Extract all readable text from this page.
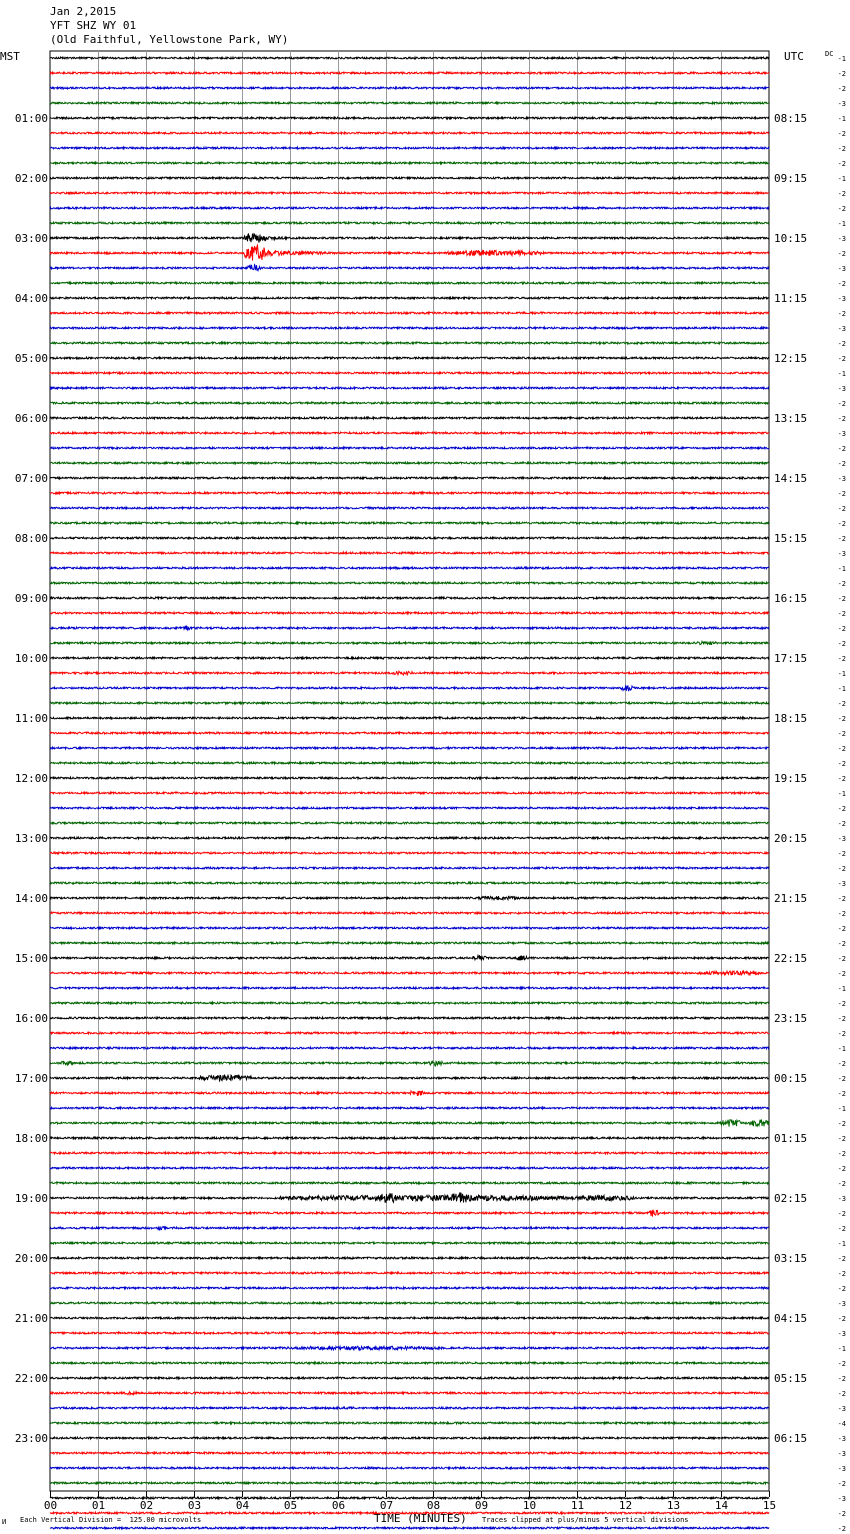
Jan 2,2015
YFT SHZ WY 01
(Old Faithful, Yellowstone Park, WY)
MST	UTC	DC
00	01	02	03	04	05	06	07	08	09	10	11	12	13	14	15
-1
-2
-2
-3
-1
-2
-2
-2
-1
-2
-2
-1
-3
-2
-3
-2
-3
-2
-3
-2
-2
-1
-3
-2
-2
-3
-2
-2
-3
-2
-2
-2
-2
-3
-1
-2
-2
-2
-2
-2
-2
-1
-1
-2
-2
-2
-2
-2
-2
-1
-2
-2
-3
-2
-2
-3
-2
-2
-2
-2
-2
-2
-1
-2
-2
-2
-1
-2
-2
-2
-1
-2
-2
-2
-2
-2
-3
-2
-2
-1
-2
-2
-2
-3
-2
-3
-1
-2
-2
-2
-3
-4
-3
-3
-3
-2
-3
-2
-2
01:00
02:00
03:00
04:00
05:00
06:00
07:00
08:00
09:00
10:00
11:00
12:00
13:00
14:00
15:00
16:00
17:00
18:00
19:00
20:00
21:00
22:00
23:00
08:15
09:15
10:15
11:15
12:15
13:15
14:15
15:15
16:15
17:15
18:15
19:15
20:15
21:15
22:15
23:15
00:15
01:15
02:15
03:15
04:15
05:15
06:15
И Each Vertical Division =  125.00 microvolts	TIME (MINUTES) Traces clipped at plus/minus 5 vertical divisions
